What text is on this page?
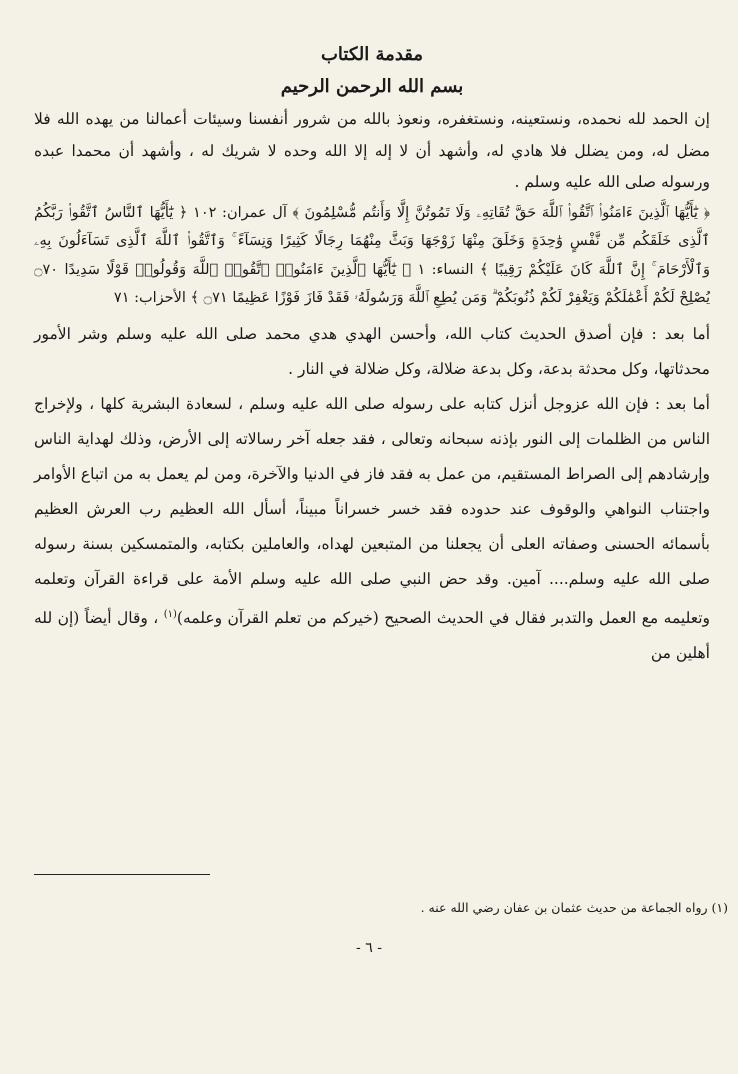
مقدمة الكتاب
بسم الله الرحمن الرحيم

إن الحمد لله نحمده، ونستعينه، ونستغفره، ونعوذ بالله من شرور أنفسنا وسيئات أعمالنا من يهده الله فلا مضل له، ومن يضلل فلا هادي له، وأشهد أن لا إله إلا الله وحده لا شريك له ، وأشهد أن محمدا عبده ورسوله صلى الله عليه وسلم .

﴿ يَٰٓأَيُّهَا ٱلَّذِينَ ءَامَنُوا۟ ٱتَّقُوا۟ ٱللَّهَ حَقَّ تُقَاتِهِۦ وَلَا تَمُوتُنَّ إِلَّا وَأَنتُم مُّسْلِمُونَ ﴾ آل عمران: ١٠٢ ﴿ يَٰٓأَيُّهَا ٱلنَّاسُ ٱتَّقُوا۟ رَبَّكُمُ ٱلَّذِى خَلَقَكُم مِّن نَّفْسٍ وَٰحِدَةٍ وَخَلَقَ مِنْهَا زَوْجَهَا وَبَثَّ مِنْهُمَا رِجَالًا كَثِيرًا وَنِسَآءً ۚ وَٱتَّقُوا۟ ٱللَّهَ ٱلَّذِى تَسَآءَلُونَ بِهِۦ وَٱلْأَرْحَامَ ۚ إِنَّ ٱللَّهَ كَانَ عَلَيْكُمْ رَقِيبًا ﴾ النساء: ١ ﴿ يَٰٓأَيُّهَا ٱلَّذِينَ ءَامَنُوا۟ ٱتَّقُوا۟ ٱللَّهَ وَقُولُوا۟ قَوْلًا سَدِيدًا ۝٧٠ يُصْلِحْ لَكُمْ أَعْمَٰلَكُمْ وَيَغْفِرْ لَكُمْ ذُنُوبَكُمْ ۗ وَمَن يُطِعِ ٱللَّهَ وَرَسُولَهُۥ فَقَدْ فَازَ فَوْزًا عَظِيمًا ۝٧١ ﴾ الأحزاب: ٧١

أما بعد : فإن أصدق الحديث كتاب الله، وأحسن الهدي هدي محمد صلى الله عليه وسلم وشر الأمور محدثاتها، وكل محدثة بدعة، وكل بدعة ضلالة، وكل ضلالة في النار .

أما بعد : فإن الله عزوجل أنزل كتابه على رسوله صلى الله عليه وسلم ، لسعادة البشرية كلها ، ولإخراج الناس من الظلمات إلى النور بإذنه سبحانه وتعالى ، فقد جعله آخر رسالاته إلى الأرض، وذلك لهداية الناس وإرشادهم إلى الصراط المستقيم، من عمل به فقد فاز في الدنيا والآخرة، ومن لم يعمل به من اتباع الأوامر واجتناب النواهي والوقوف عند حدوده فقد خسر خسراناً مبيناً، أسأل الله العظيم رب العرش العظيم بأسمائه الحسنى وصفاته العلى أن يجعلنا من المتبعين لهداه، والعاملين بكتابه، والمتمسكين بسنة رسوله صلى الله عليه وسلم.... آمين. وقد حض النبي صلى الله عليه وسلم الأمة على قراءة القرآن وتعلمه وتعليمه مع العمل والتدبر فقال في الحديث الصحيح (خيركم من تعلم القرآن وعلمه)$^{(١)}$ ، وقال أيضاً (إن لله أهلين من

(١) رواه الجماعة من حديث عثمان بن عفان رضي الله عنه .
- ٦ -
